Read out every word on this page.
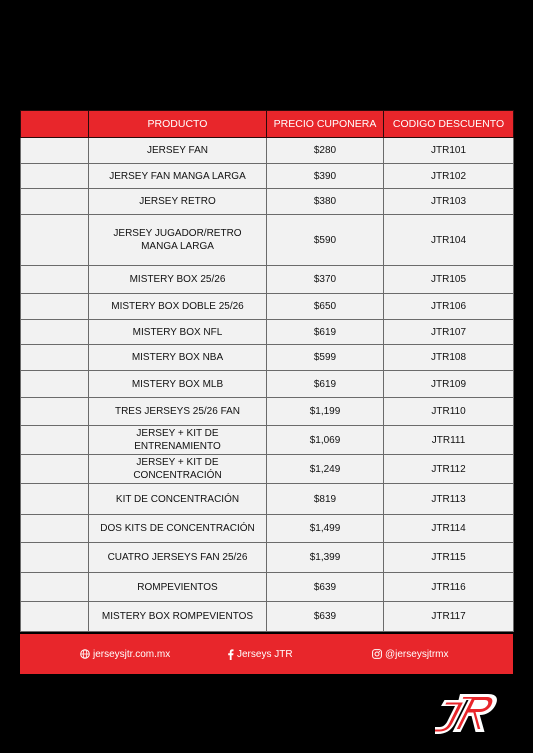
	PRODUCTO	PRECIO CUPONERA	CODIGO DESCUENTO
	JERSEY FAN	$280	JTR101
	JERSEY FAN MANGA LARGA	$390	JTR102
	JERSEY RETRO	$380	JTR103
	JERSEY JUGADOR/RETRO MANGA LARGA	$590	JTR104
	MISTERY BOX 25/26	$370	JTR105
	MISTERY BOX DOBLE 25/26	$650	JTR106
	MISTERY BOX NFL	$619	JTR107
	MISTERY BOX NBA	$599	JTR108
	MISTERY BOX MLB	$619	JTR109
	TRES JERSEYS 25/26 FAN	$1,199	JTR110
	JERSEY + KIT DE ENTRENAMIENTO	$1,069	JTR111
	JERSEY + KIT DE CONCENTRACIÓN	$1,249	JTR112
	KIT DE CONCENTRACIÓN	$819	JTR113
	DOS KITS DE CONCENTRACIÓN	$1,499	JTR114
	CUATRO JERSEYS FAN 25/26	$1,399	JTR115
	ROMPEVIENTOS	$639	JTR116
	MISTERY BOX ROMPEVIENTOS	$639	JTR117
jerseysjtr.com.mx	Jerseys JTR	@jerseysjtrmx
